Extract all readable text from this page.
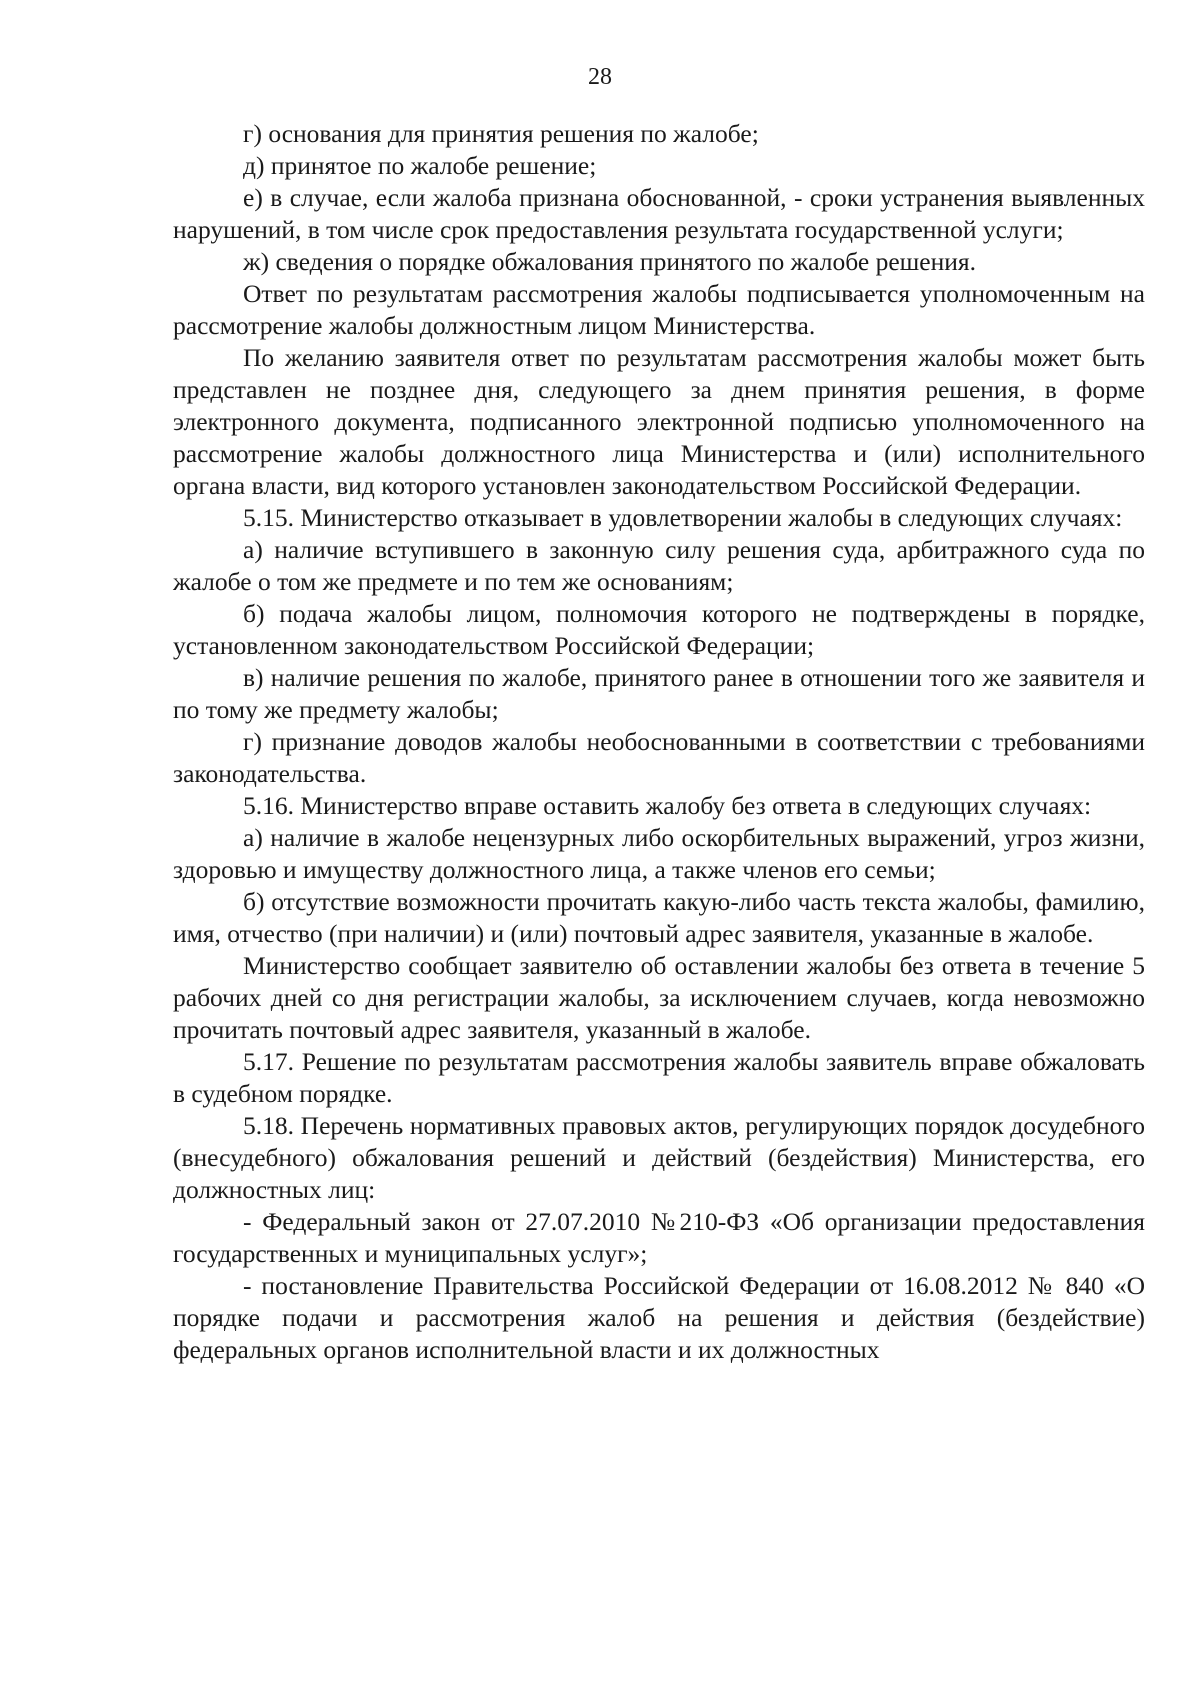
28

г) основания для принятия решения по жалобе;

д) принятое по жалобе решение;

е) в случае, если жалоба признана обоснованной, - сроки устранения выявленных нарушений, в том числе срок предоставления результата государственной услуги;

ж) сведения о порядке обжалования принятого по жалобе решения.

Ответ по результатам рассмотрения жалобы подписывается уполномоченным на рассмотрение жалобы должностным лицом Министерства.

По желанию заявителя ответ по результатам рассмотрения жалобы может быть представлен не позднее дня, следующего за днем принятия решения, в форме электронного документа, подписанного электронной подписью уполномоченного на рассмотрение жалобы должностного лица Министерства и (или) исполнительного органа власти, вид которого установлен законодательством Российской Федерации.

5.15. Министерство отказывает в удовлетворении жалобы в следующих случаях:

а) наличие вступившего в законную силу решения суда, арбитражного суда по жалобе о том же предмете и по тем же основаниям;

б) подача жалобы лицом, полномочия которого не подтверждены в порядке, установленном законодательством Российской Федерации;

в) наличие решения по жалобе, принятого ранее в отношении того же заявителя и по тому же предмету жалобы;

г) признание доводов жалобы необоснованными в соответствии с требованиями законодательства.

5.16. Министерство вправе оставить жалобу без ответа в следующих случаях:

а) наличие в жалобе нецензурных либо оскорбительных выражений, угроз жизни, здоровью и имуществу должностного лица, а также членов его семьи;

б) отсутствие возможности прочитать какую-либо часть текста жалобы, фамилию, имя, отчество (при наличии) и (или) почтовый адрес заявителя, указанные в жалобе.

Министерство сообщает заявителю об оставлении жалобы без ответа в течение 5 рабочих дней со дня регистрации жалобы, за исключением случаев, когда невозможно прочитать почтовый адрес заявителя, указанный в жалобе.

5.17. Решение по результатам рассмотрения жалобы заявитель вправе обжаловать в судебном порядке.

5.18. Перечень нормативных правовых актов, регулирующих порядок досудебного (внесудебного) обжалования решений и действий (бездействия) Министерства, его должностных лиц:

- Федеральный закон от 27.07.2010 №210-ФЗ «Об организации предоставления государственных и муниципальных услуг»;

- постановление Правительства Российской Федерации от 16.08.2012 № 840 «О порядке подачи и рассмотрения жалоб на решения и действия (бездействие) федеральных органов исполнительной власти и их должностных
